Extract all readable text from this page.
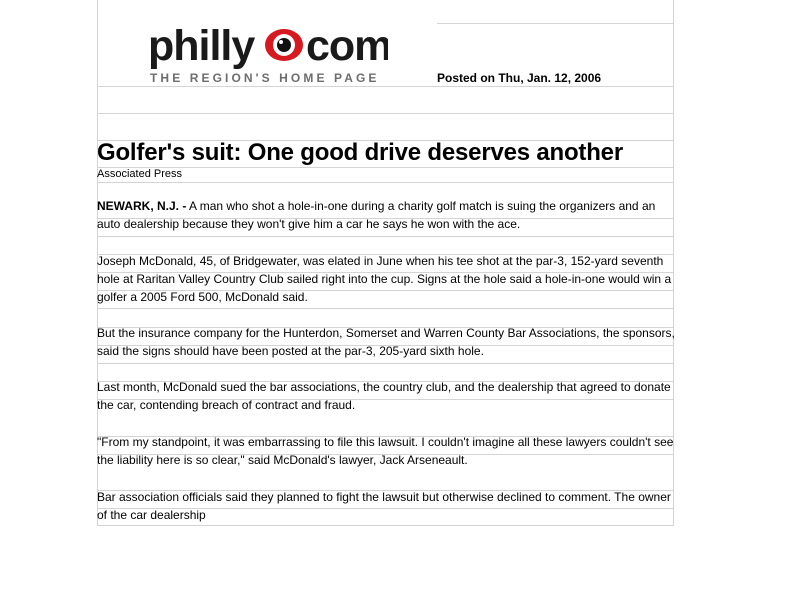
philly com
THE REGION'S HOME PAGE	Posted on Thu, Jan. 12, 2006
Golfer's suit: One good drive deserves another
Associated Press
NEWARK, N.J. - A man who shot a hole-in-one during a charity golf match is suing the organizers and an auto dealership because they won't give him a car he says he won with the ace.
Joseph McDonald, 45, of Bridgewater, was elated in June when his tee shot at the par-3, 152-yard seventh hole at Raritan Valley Country Club sailed right into the cup. Signs at the hole said a hole-in-one would win a golfer a 2005 Ford 500, McDonald said.
But the insurance company for the Hunterdon, Somerset and Warren County Bar Associations, the sponsors, said the signs should have been posted at the par-3, 205-yard sixth hole.
Last month, McDonald sued the bar associations, the country club, and the dealership that agreed to donate the car, contending breach of contract and fraud.
"From my standpoint, it was embarrassing to file this lawsuit. I couldn't imagine all these lawyers couldn't see the liability here is so clear," said McDonald's lawyer, Jack Arseneault.
Bar association officials said they planned to fight the lawsuit but otherwise declined to comment. The owner of the car dealership
